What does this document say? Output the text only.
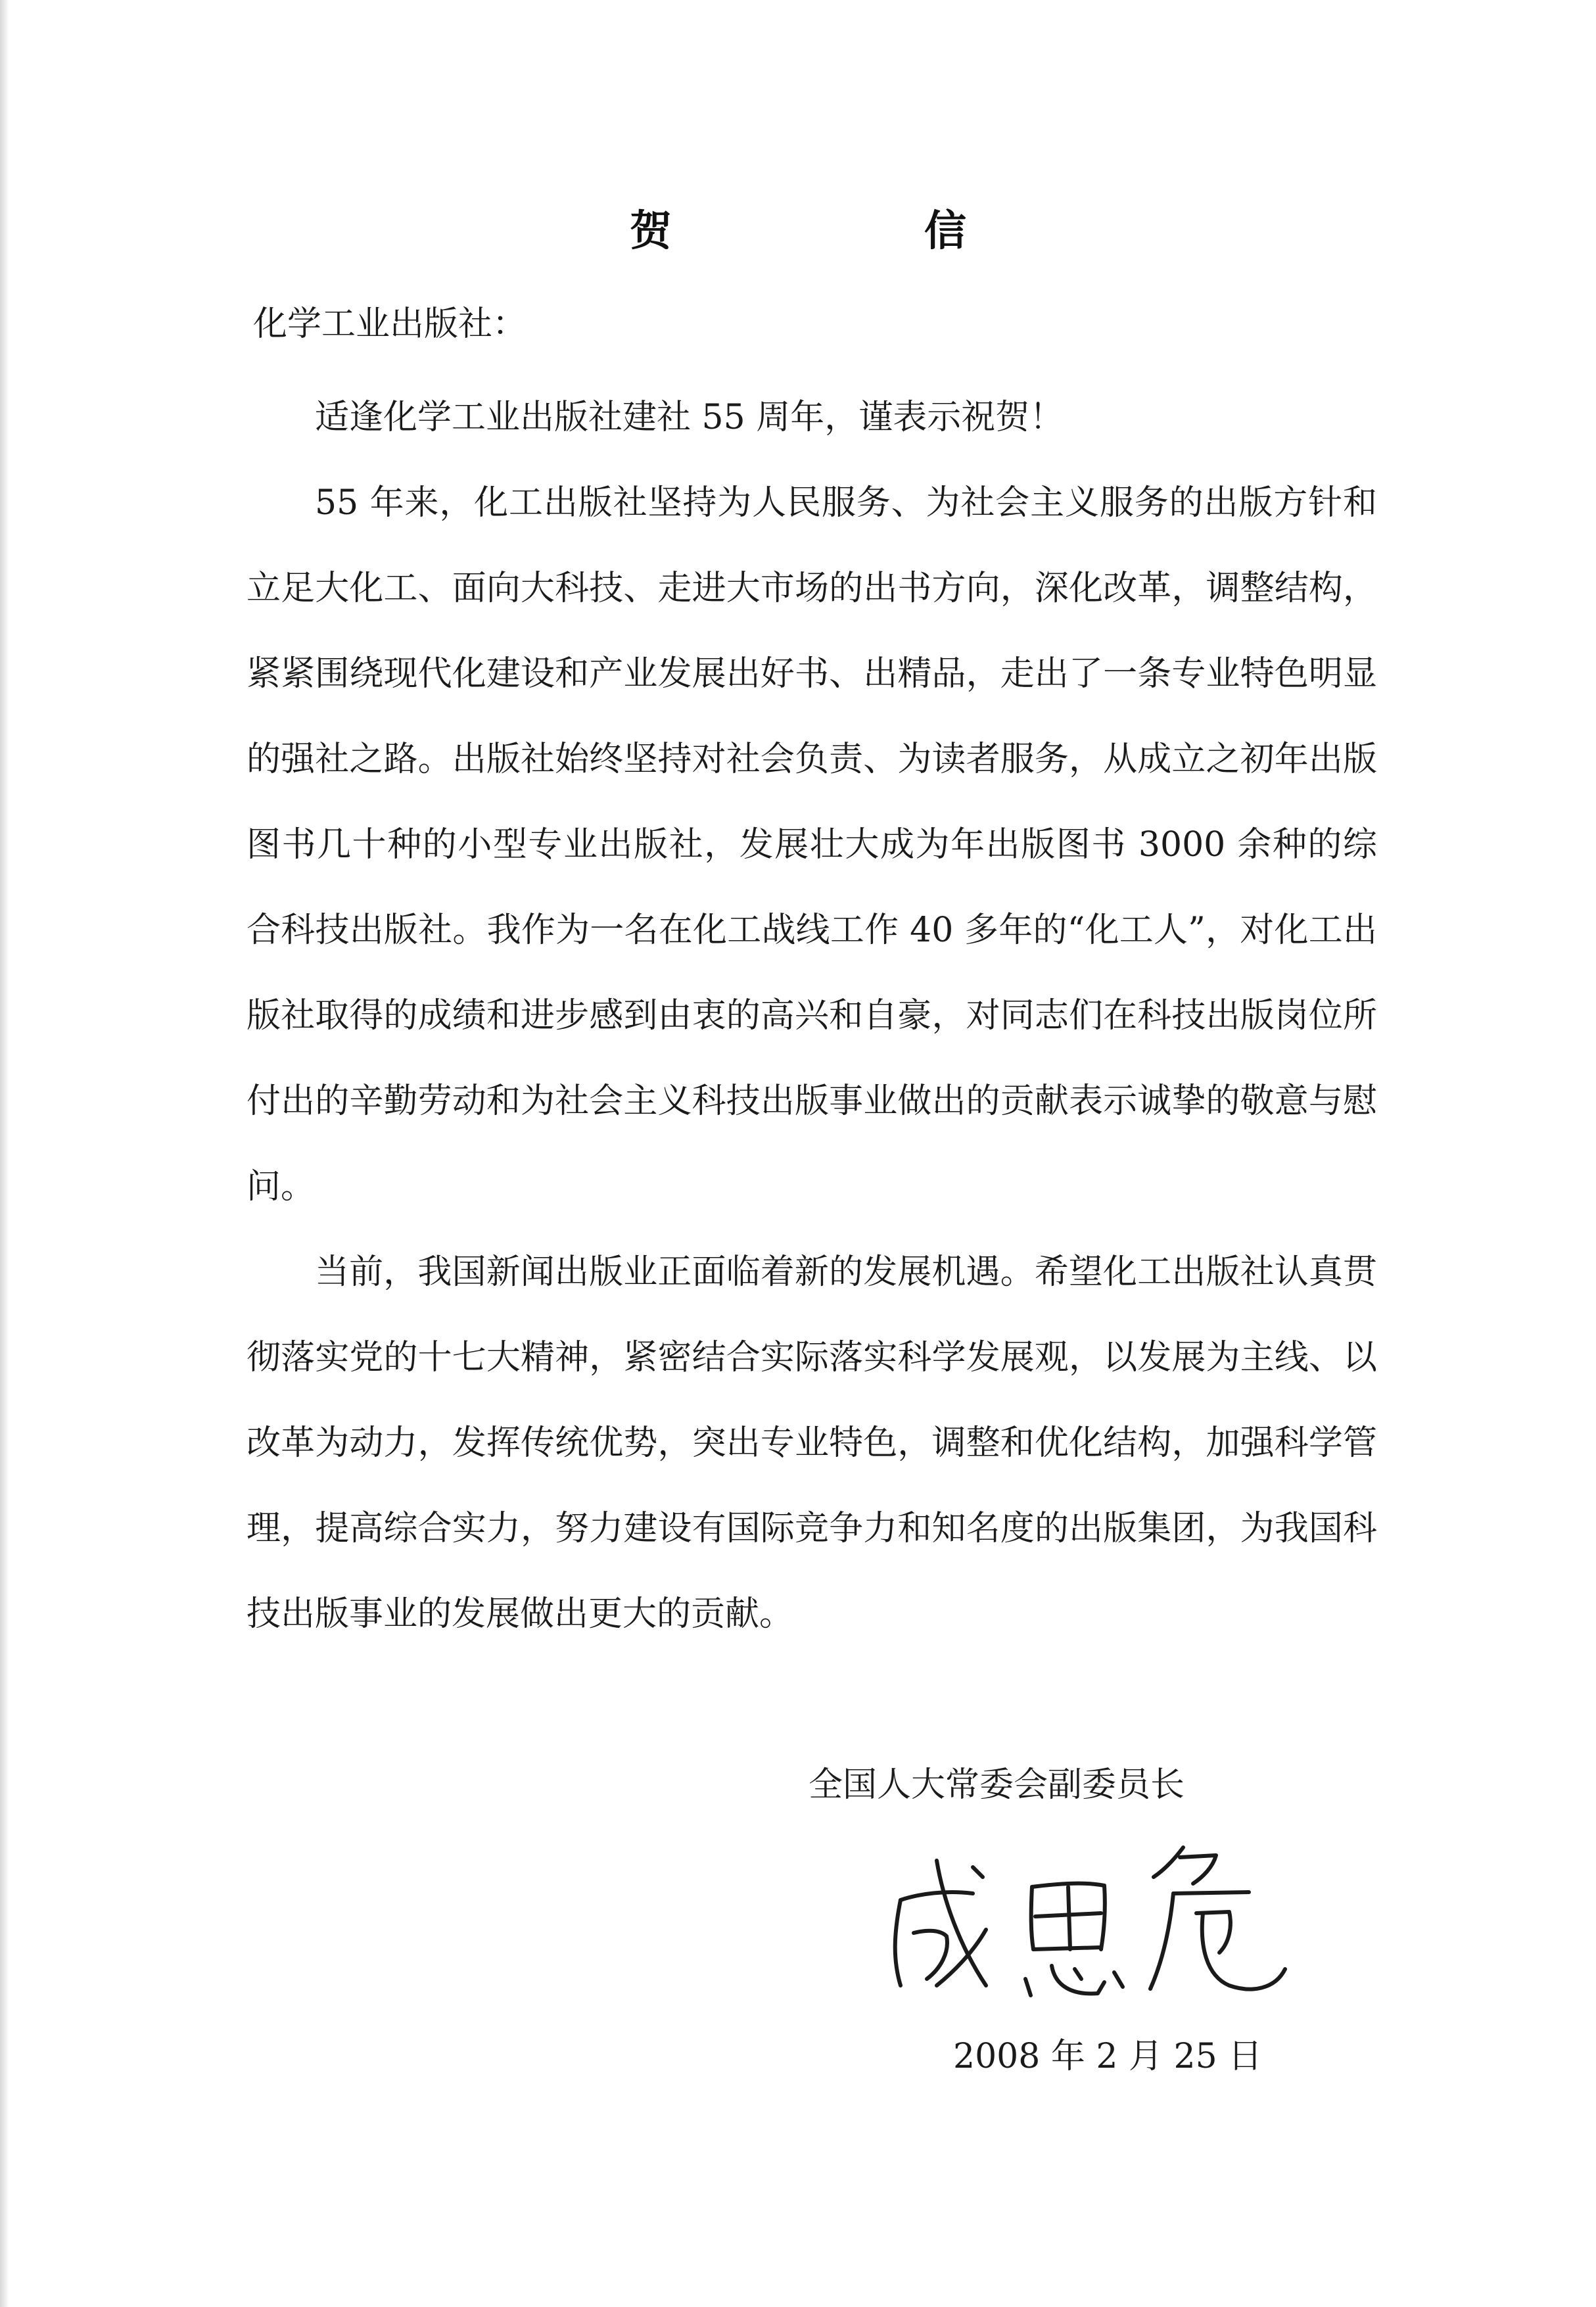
贺　信
化学工业出版社：

适逢化学工业出版社建社 55 周年，谨表示祝贺！

55 年来，化工出版社坚持为人民服务、为社会主义服务的出版方针和立足大化工、面向大科技、走进大市场的出书方向，深化改革，调整结构，紧紧围绕现代化建设和产业发展出好书、出精品，走出了一条专业特色明显的强社之路。出版社始终坚持对社会负责、为读者服务，从成立之初年出版图书几十种的小型专业出版社，发展壮大成为年出版图书 3000 余种的综合科技出版社。我作为一名在化工战线工作 40 多年的“化工人”，对化工出版社取得的成绩和进步感到由衷的高兴和自豪，对同志们在科技出版岗位所付出的辛勤劳动和为社会主义科技出版事业做出的贡献表示诚挚的敬意与慰问。

当前，我国新闻出版业正面临着新的发展机遇。希望化工出版社认真贯彻落实党的十七大精神，紧密结合实际落实科学发展观，以发展为主线、以改革为动力，发挥传统优势，突出专业特色，调整和优化结构，加强科学管理，提高综合实力，努力建设有国际竞争力和知名度的出版集团，为我国科技出版事业的发展做出更大的贡献。

全国人大常委会副委员长
2008 年 2 月 25 日
